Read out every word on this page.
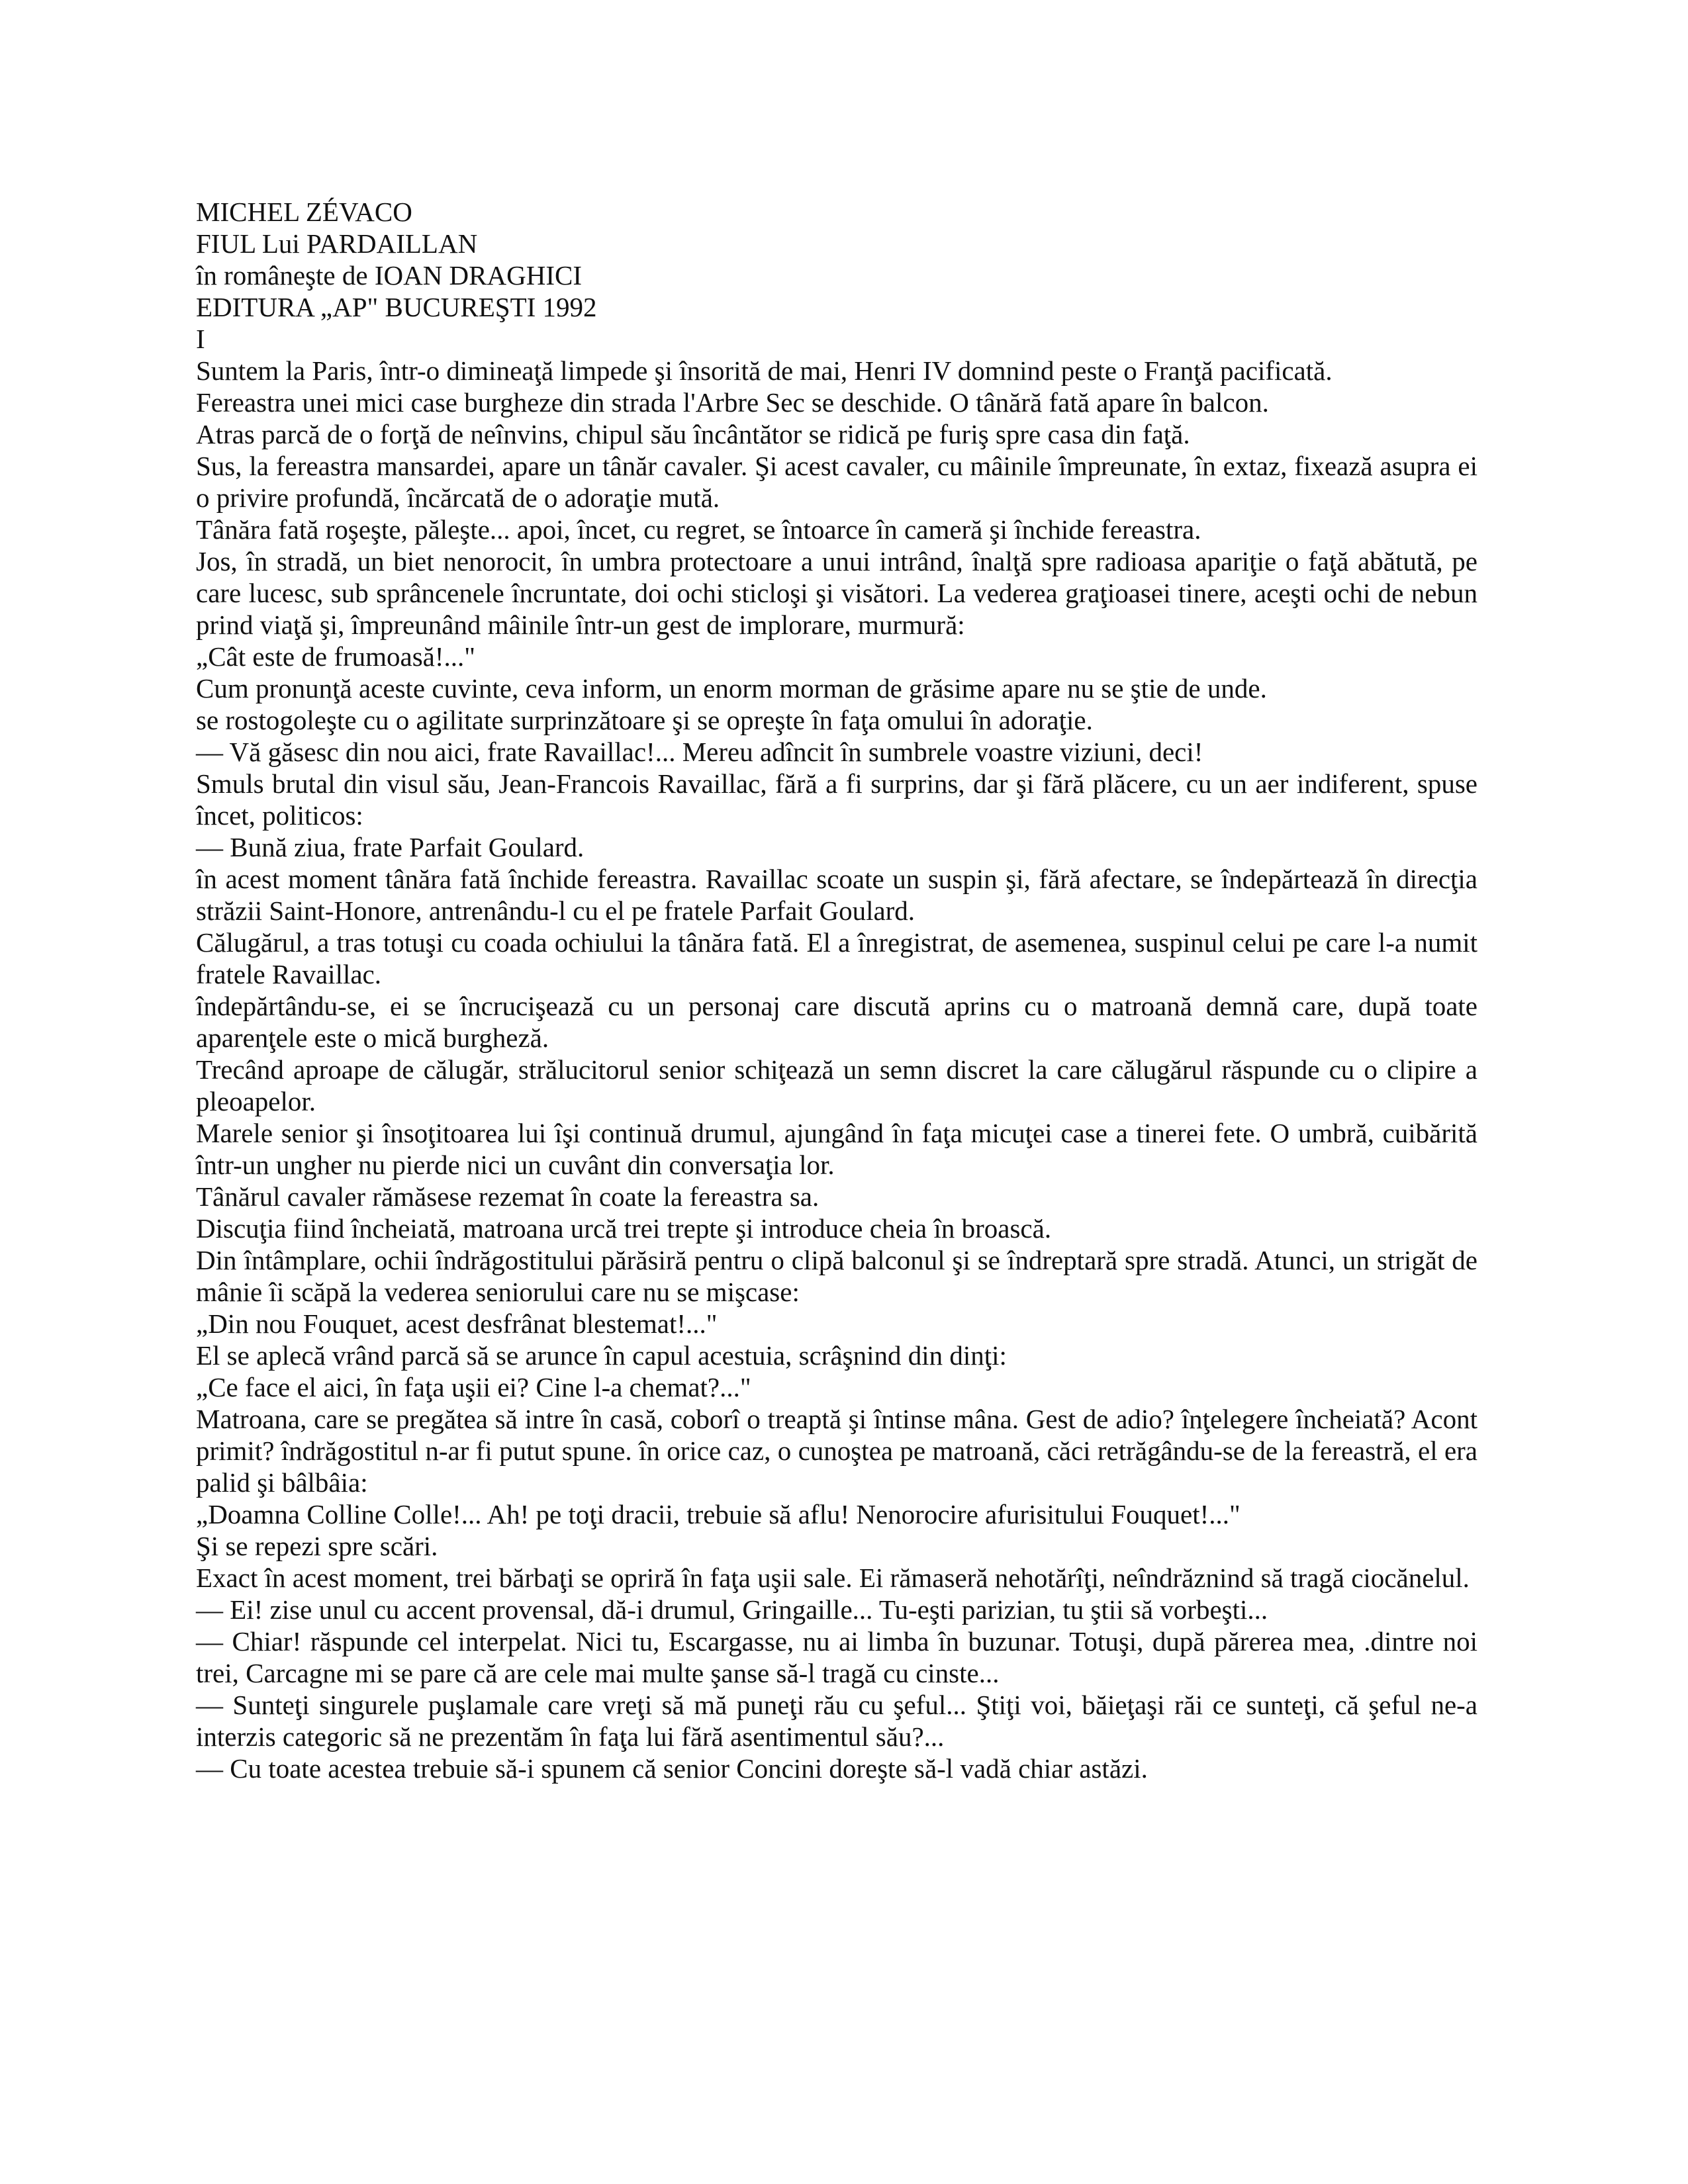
MICHEL ZÉVACO

FIUL Lui PARDAILLAN

în româneşte de IOAN DRAGHICI

EDITURA „AP" BUCUREŞTI 1992

I

Suntem la Paris, într-o dimineaţă limpede şi însorită de mai, Henri IV domnind peste o Franţă pacificată.

Fereastra unei mici case burgheze din strada l'Arbre Sec se deschide. O tânără fată apare în balcon.

Atras parcă de o forţă de neînvins, chipul său încântător se ridică pe furiş spre casa din faţă.

Sus, la fereastra mansardei, apare un tânăr cavaler. Şi acest cavaler, cu mâinile împreunate, în extaz, fixează asupra ei o privire profundă, încărcată de o adoraţie mută.

Tânăra fată roşeşte, păleşte... apoi, încet, cu regret, se întoarce în cameră şi închide fereastra.

Jos, în stradă, un biet nenorocit, în umbra protectoare a unui intrând, înalţă spre radioasa apariţie o faţă abătută, pe care lucesc, sub sprâncenele încruntate, doi ochi sticloşi şi visători. La vederea graţioasei tinere, aceşti ochi de nebun prind viaţă şi, împreunând mâinile într-un gest de implorare, murmură:

„Cât este de frumoasă!..."

Cum pronunţă aceste cuvinte, ceva inform, un enorm morman de grăsime apare nu se ştie de unde.

se rostogoleşte cu o agilitate surprinzătoare şi se opreşte în faţa omului în adoraţie.

— Vă găsesc din nou aici, frate Ravaillac!... Mereu adîncit în sumbrele voastre viziuni, deci!

Smuls brutal din visul său, Jean-Francois Ravaillac, fără a fi surprins, dar şi fără plăcere, cu un aer indiferent, spuse încet, politicos:

— Bună ziua, frate Parfait Goulard.

în acest moment tânăra fată închide fereastra. Ravaillac scoate un suspin şi, fără afectare, se îndepărtează în direcţia străzii Saint-Honore, antrenându-l cu el pe fratele Parfait Goulard.

Călugărul, a tras totuşi cu coada ochiului la tânăra fată. El a înregistrat, de asemenea, suspinul celui pe care l-a numit fratele Ravaillac.

îndepărtându-se, ei se încrucişează cu un personaj care discută aprins cu o matroană demnă care, după toate aparenţele este o mică burgheză.

Trecând aproape de călugăr, strălucitorul senior schiţează un semn discret la care călugărul răspunde cu o clipire a pleoapelor.

Marele senior şi însoţitoarea lui îşi continuă drumul, ajungând în faţa micuţei case a tinerei fete. O umbră, cuibărită într-un ungher nu pierde nici un cuvânt din conversaţia lor.

Tânărul cavaler rămăsese rezemat în coate la fereastra sa.

Discuţia fiind încheiată, matroana urcă trei trepte şi introduce cheia în broască.

Din întâmplare, ochii îndrăgostitului părăsiră pentru o clipă balconul şi se îndreptară spre stradă. Atunci, un strigăt de mânie îi scăpă la vederea seniorului care nu se mişcase:

„Din nou Fouquet, acest desfrânat blestemat!..."

El se aplecă vrând parcă să se arunce în capul acestuia, scrâşnind din dinţi:

„Ce face el aici, în faţa uşii ei? Cine l-a chemat?..."

Matroana, care se pregătea să intre în casă, coborî o treaptă şi întinse mâna. Gest de adio? înţelegere încheiată? Acont primit? îndrăgostitul n-ar fi putut spune. în orice caz, o cunoştea pe matroană, căci retrăgându-se de la fereastră, el era palid şi bâlbâia:

„Doamna Colline Colle!... Ah! pe toţi dracii, trebuie să aflu! Nenorocire afurisitului Fouquet!..."

Şi se repezi spre scări.

Exact în acest moment, trei bărbaţi se opriră în faţa uşii sale. Ei rămaseră nehotărîţi, neîndrăznind să tragă ciocănelul.

— Ei! zise unul cu accent provensal, dă-i drumul, Gringaille... Tu-eşti parizian, tu ştii să vorbeşti...

— Chiar! răspunde cel interpelat. Nici tu, Escargasse, nu ai limba în buzunar. Totuşi, după părerea mea, .dintre noi trei, Carcagne mi se pare că are cele mai multe şanse să-l tragă cu cinste...

— Sunteţi singurele puşlamale care vreţi să mă puneţi rău cu şeful... Ştiţi voi, băieţaşi răi ce sunteţi, că şeful ne-a interzis categoric să ne prezentăm în faţa lui fără asentimentul său?...

— Cu toate acestea trebuie să-i spunem că senior Concini doreşte să-l vadă chiar astăzi.
